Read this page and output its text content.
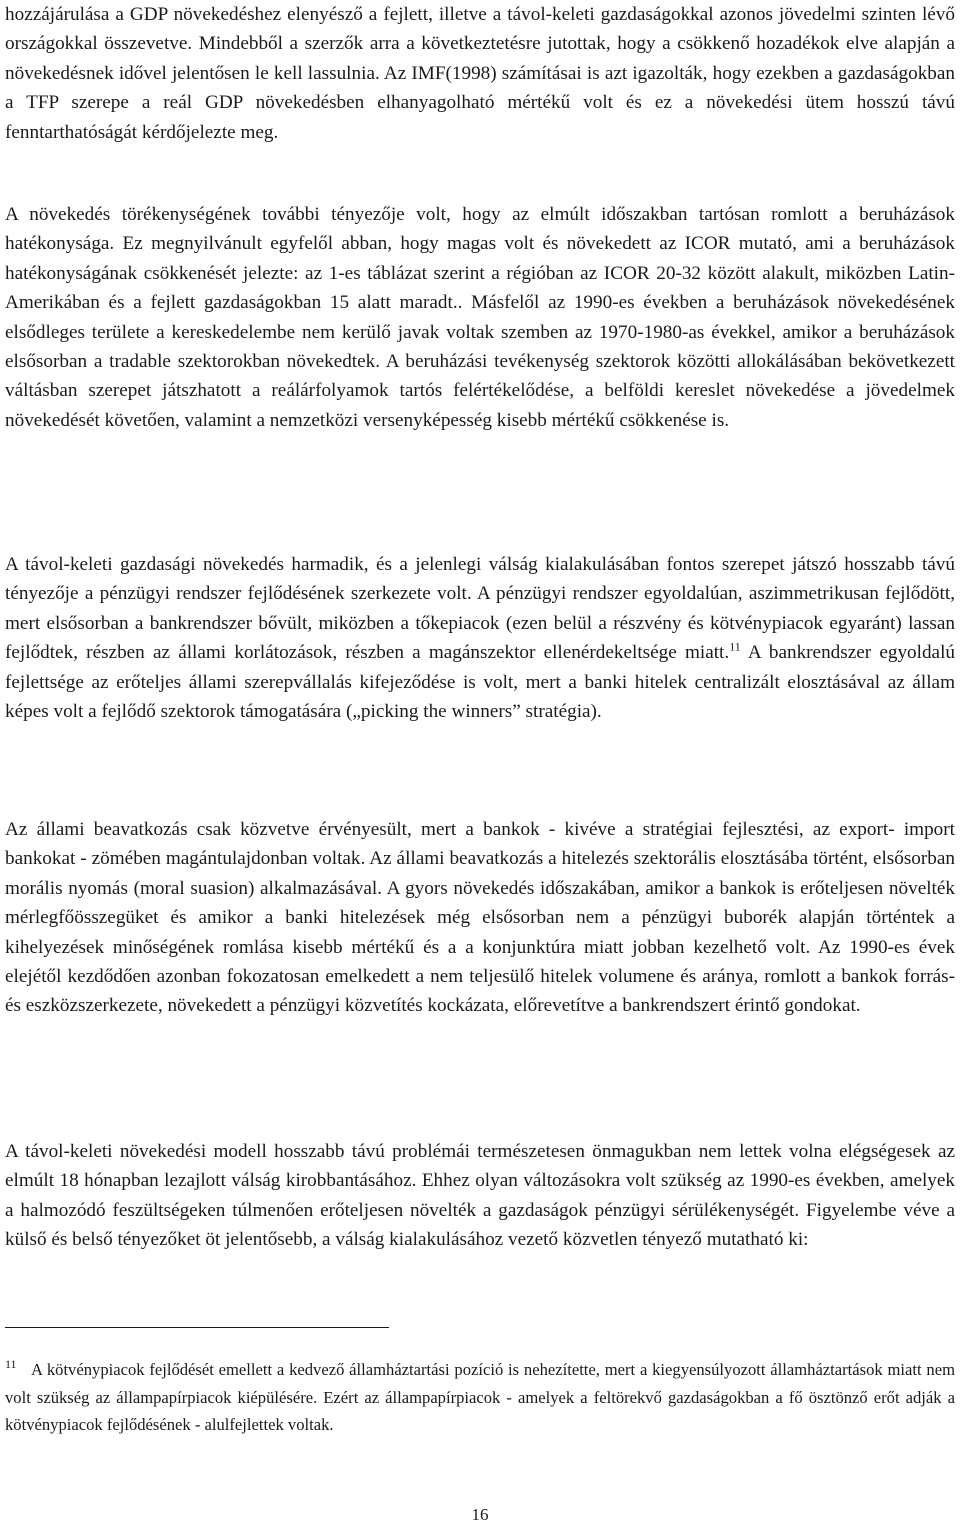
hozzájárulása a GDP növekedéshez elenyésző a fejlett, illetve a távol-keleti gazdaságokkal azonos jövedelmi szinten lévő országokkal összevetve. Mindebből a szerzők arra a következtetésre jutottak, hogy a csökkenő hozadékok elve alapján a növekedésnek idővel jelentősen le kell lassulnia. Az IMF(1998) számításai is azt igazolták, hogy ezekben a gazdaságokban a TFP szerepe a reál GDP növekedésben elhanyagolható mértékű volt és ez a növekedési ütem hosszú távú fenntarthatóságát kérdőjelezte meg.

A növekedés törékenységének további tényezője volt, hogy az elmúlt időszakban tartósan romlott a beruházások hatékonysága. Ez megnyilvánult egyfelől abban, hogy magas volt és növekedett az ICOR mutató, ami a beruházások hatékonyságának csökkenését jelezte: az 1-es táblázat szerint a régióban az ICOR 20-32 között alakult, miközben Latin-Amerikában és a fejlett gazdaságokban 15 alatt maradt.. Másfelől az 1990-es években a beruházások növekedésének elsődleges területe a kereskedelembe nem kerülő javak voltak szemben az 1970-1980-as évekkel, amikor a beruházások elsősorban a tradable szektorokban növekedtek. A beruházási tevékenység szektorok közötti allokálásában bekövetkezett váltásban szerepet játszhatott a reálárfolyamok tartós felértékelődése, a belföldi kereslet növekedése a jövedelmek növekedését követően, valamint a nemzetközi versenyképesség kisebb mértékű csökkenése is.

A távol-keleti gazdasági növekedés harmadik, és a jelenlegi válság kialakulásában fontos szerepet játszó hosszabb távú tényezője a pénzügyi rendszer fejlődésének szerkezete volt. A pénzügyi rendszer egyoldalúan, aszimmetrikusan fejlődött, mert elsősorban a bankrendszer bővült, miközben a tőkepiacok (ezen belül a részvény és kötvénypiacok egyaránt) lassan fejlődtek, részben az állami korlátozások, részben a magánszektor ellenérdekeltsége miatt.$^{11}$ A bankrendszer egyoldalú fejlettsége az erőteljes állami szerepvállalás kifejeződése is volt, mert a banki hitelek centralizált elosztásával az állam képes volt a fejlődő szektorok támogatására („picking the winners” stratégia).

Az állami beavatkozás csak közvetve érvényesült, mert a bankok - kivéve a stratégiai fejlesztési, az export- import bankokat - zömében magántulajdonban voltak. Az állami beavatkozás a hitelezés szektorális elosztásába történt, elsősorban morális nyomás (moral suasion) alkalmazásával. A gyors növekedés időszakában, amikor a bankok is erőteljesen növelték mérlegfőösszegüket és amikor a banki hitelezések még elsősorban nem a pénzügyi buborék alapján történtek a kihelyezések minőségének romlása kisebb mértékű és a a konjunktúra miatt jobban kezelhető volt. Az 1990-es évek elejétől kezdődően azonban fokozatosan emelkedett a nem teljesülő hitelek volumene és aránya, romlott a bankok forrás- és eszközszerkezete, növekedett a pénzügyi közvetítés kockázata, előrevetítve a bankrendszert érintő gondokat.

A távol-keleti növekedési modell hosszabb távú problémái természetesen önmagukban nem lettek volna elégségesek az elmúlt 18 hónapban lezajlott válság kirobbantásához. Ehhez olyan változásokra volt szükség az 1990-es években, amelyek a halmozódó feszültségeken túlmenően erőteljesen növelték a gazdaságok pénzügyi sérülékenységét. Figyelembe véve a külső és belső tényezőket öt jelentősebb, a válság kialakulásához vezető közvetlen tényező mutatható ki:

$^{11}$ A kötvénypiacok fejlődését emellett a kedvező államháztartási pozíció is nehezítette, mert a kiegyensúlyozott államháztartások miatt nem volt szükség az állampapírpiacok kiépülésére. Ezért az állampapírpiacok - amelyek a feltörekvő gazdaságokban a fő ösztönző erőt adják a kötvénypiacok fejlődésének - alulfejlettek voltak.

16
